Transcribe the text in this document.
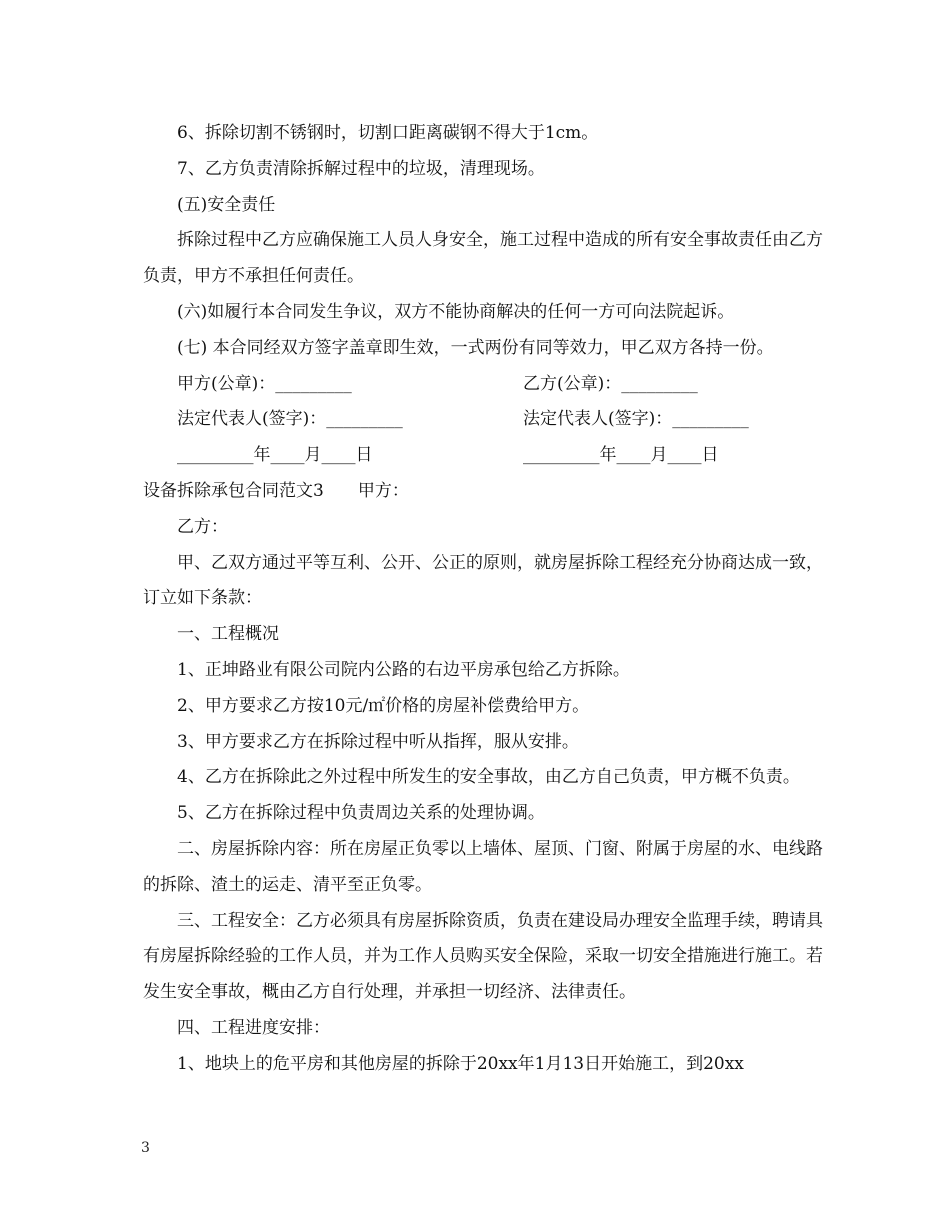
6、拆除切割不锈钢时，切割口距离碳钢不得大于1cm。

7、乙方负责清除拆解过程中的垃圾，清理现场。

(五)安全责任

拆除过程中乙方应确保施工人员人身安全，施工过程中造成的所有安全事故责任由乙方负责，甲方不承担任何责任。

(六)如履行本合同发生争议，双方不能协商解决的任何一方可向法院起诉。

(七) 本合同经双方签字盖章即生效，一式两份有同等效力，甲乙双方各持一份。

甲方(公章)：_________	乙方(公章)：_________
法定代表人(签字)：_________	法定代表人(签字)：_________
_________年____月____日	_________年____月____日

设备拆除承包合同范文3　　甲方：

乙方：

甲、乙双方通过平等互利、公开、公正的原则，就房屋拆除工程经充分协商达成一致，订立如下条款：

一、工程概况

1、正坤路业有限公司院内公路的右边平房承包给乙方拆除。

2、甲方要求乙方按10元/㎡价格的房屋补偿费给甲方。

3、甲方要求乙方在拆除过程中听从指挥，服从安排。

4、乙方在拆除此之外过程中所发生的安全事故，由乙方自己负责，甲方概不负责。

5、乙方在拆除过程中负责周边关系的处理协调。

二、房屋拆除内容：所在房屋正负零以上墙体、屋顶、门窗、附属于房屋的水、电线路的拆除、渣土的运走、清平至正负零。

三、工程安全：乙方必须具有房屋拆除资质，负责在建设局办理安全监理手续，聘请具有房屋拆除经验的工作人员，并为工作人员购买安全保险，采取一切安全措施进行施工。若发生安全事故，概由乙方自行处理，并承担一切经济、法律责任。

四、工程进度安排：

1、地块上的危平房和其他房屋的拆除于20xx年1月13日开始施工，到20xx

3
